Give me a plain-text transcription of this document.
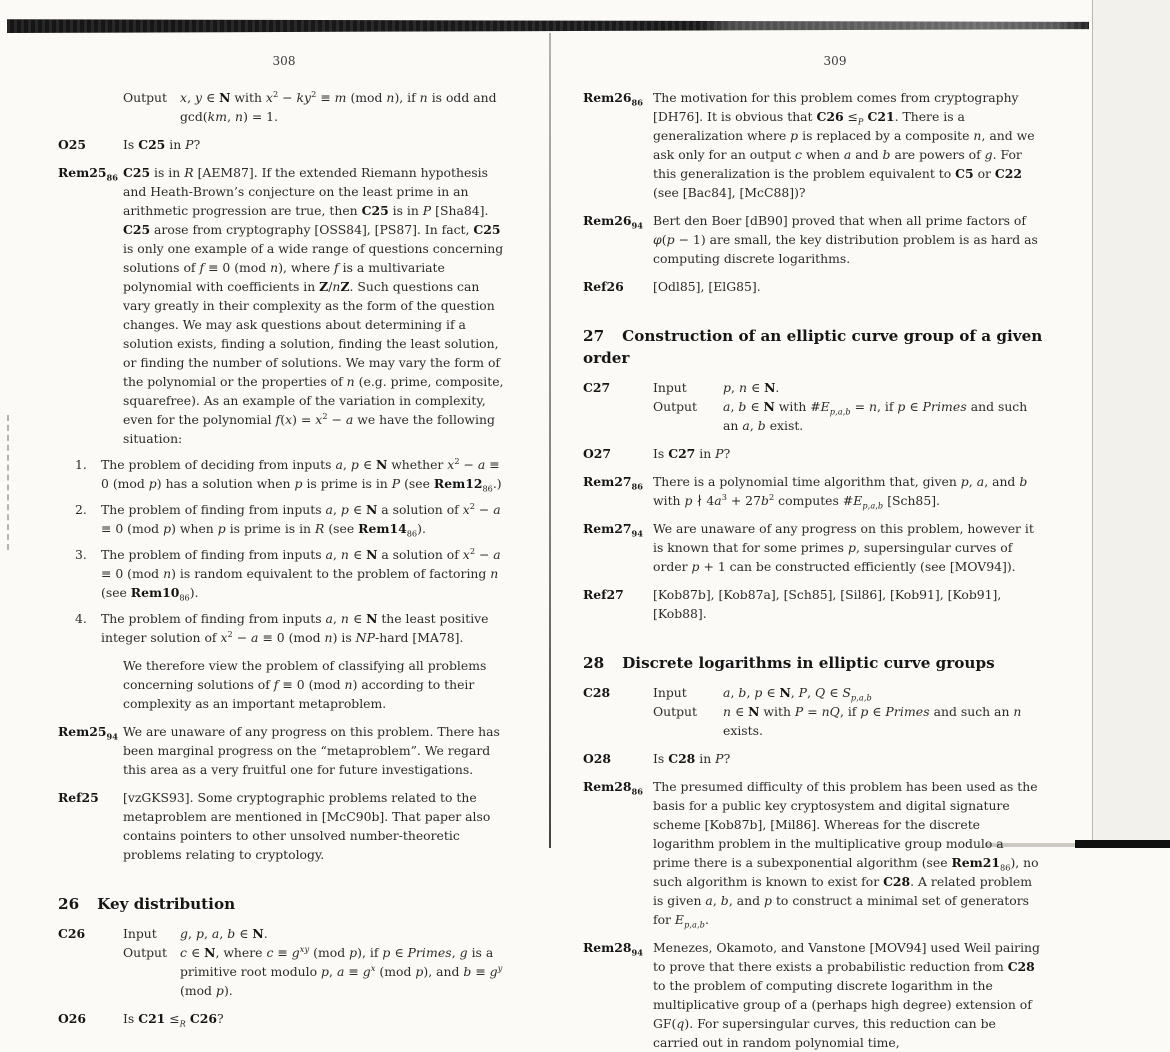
308
Output	x, y ∈ N with $x^2 - ky^2 \equiv m$ (mod n), if n is odd and gcd(km, n) = 1.
O25	Is C25 in P?
$Rem25_{86}$ C25 is in R [AEM87]. If the extended Riemann hypothesis and Heath-Brown’s conjecture on the least prime in an arithmetic progression are true, then C25 is in P [Sha84]. C25 arose from cryptography [OSS84], [PS87]. In fact, C25 is only one example of a wide range of questions concerning solutions of f ≡ 0 (mod n), where f is a multivariate polynomial with coefficients in Z/nZ. Such questions can vary greatly in their complexity as the form of the question changes. We may ask questions about determining if a solution exists, finding a solution, finding the least solution, or finding the number of solutions. We may vary the form of the polynomial or the properties of n (e.g. prime, composite, squarefree). As an example of the variation in complexity, even for the polynomial $f(x) = x^2 - a$ we have the following situation:
1.	The problem of deciding from inputs a, p ∈ N whether $x^2 - a \equiv 0$ (mod p) has a solution when p is prime is in P (see $Rem12_{86}$.)
2.	The problem of finding from inputs a, p ∈ N a solution of $x^2 - a \equiv 0$ (mod p) when p is prime is in R (see $Rem14_{86}$).
3.	The problem of finding from inputs a, n ∈ N a solution of $x^2 - a \equiv 0$ (mod n) is random equivalent to the problem of factoring n (see $Rem10_{86}$).
4.	The problem of finding from inputs a, n ∈ N the least positive integer solution of $x^2 - a \equiv 0$ (mod n) is NP-hard [MA78].
We therefore view the problem of classifying all problems concerning solutions of f ≡ 0 (mod n) according to their complexity as an important metaproblem.
$Rem25_{94}$ We are unaware of any progress on this problem. There has been marginal progress on the “metaproblem”. We regard this area as a very fruitful one for future investigations.
Ref25	[vzGKS93]. Some cryptographic problems related to the metaproblem are mentioned in [McC90b]. That paper also contains pointers to other unsolved number-theoretic problems relating to cryptology.
26 Key distribution
C26	Input	g, p, a, b ∈ N.
Output	c ∈ N, where $c \equiv g^{xy}$ (mod p), if p ∈ Primes, g is a primitive root modulo p, $a \equiv g^x$ (mod p), and $b \equiv g^y$ (mod p).
O26	Is $C21 \le_R$ C26?
309
$Rem26_{86}$ The motivation for this problem comes from cryptography [DH76]. It is obvious that $C26 \le_P$ C21. There is a generalization where p is replaced by a composite n, and we ask only for an output c when a and b are powers of g. For this generalization is the problem equivalent to C5 or C22 (see [Bac84], [McC88])?
$Rem26_{94}$ Bert den Boer [dB90] proved that when all prime factors of φ(p − 1) are small, the key distribution problem is as hard as computing discrete logarithms.
Ref26	[Odl85], [ElG85].
27 Construction of an elliptic curve group of a given order
C27	Input	p, n ∈ N.
Output	a, b ∈ N with $\#E_{p,a,b} = n$, if p ∈ Primes and such an a, b exist.
O27	Is C27 in P?
$Rem27_{86}$ There is a polynomial time algorithm that, given p, a, and b with p ∤ $4a^3 + 27b^2$ computes $\#E_{p,a,b}$ [Sch85].
$Rem27_{94}$ We are unaware of any progress on this problem, however it is known that for some primes p, supersingular curves of order p + 1 can be constructed efficiently (see [MOV94]).
Ref27	[Kob87b], [Kob87a], [Sch85], [Sil86], [Kob91], [Kob91], [Kob88].
28 Discrete logarithms in elliptic curve groups
C28	Input	a, b, p ∈ N, P, Q ∈ $S_{p,a,b}$
Output	n ∈ N with P = nQ, if p ∈ Primes and such an n exists.
O28	Is C28 in P?
$Rem28_{86}$ The presumed difficulty of this problem has been used as the basis for a public key cryptosystem and digital signature scheme [Kob87b], [Mil86]. Whereas for the discrete logarithm problem in the multiplicative group modulo a prime there is a subexponential algorithm (see $Rem21_{86}$), no such algorithm is known to exist for C28. A related problem is given a, b, and p to construct a minimal set of generators for $E_{p,a,b}$.
$Rem28_{94}$ Menezes, Okamoto, and Vanstone [MOV94] used Weil pairing to prove that there exists a probabilistic reduction from C28 to the problem of computing discrete logarithm in the multiplicative group of a (perhaps high degree) extension of GF(q). For supersingular curves, this reduction can be carried out in random polynomial time,
